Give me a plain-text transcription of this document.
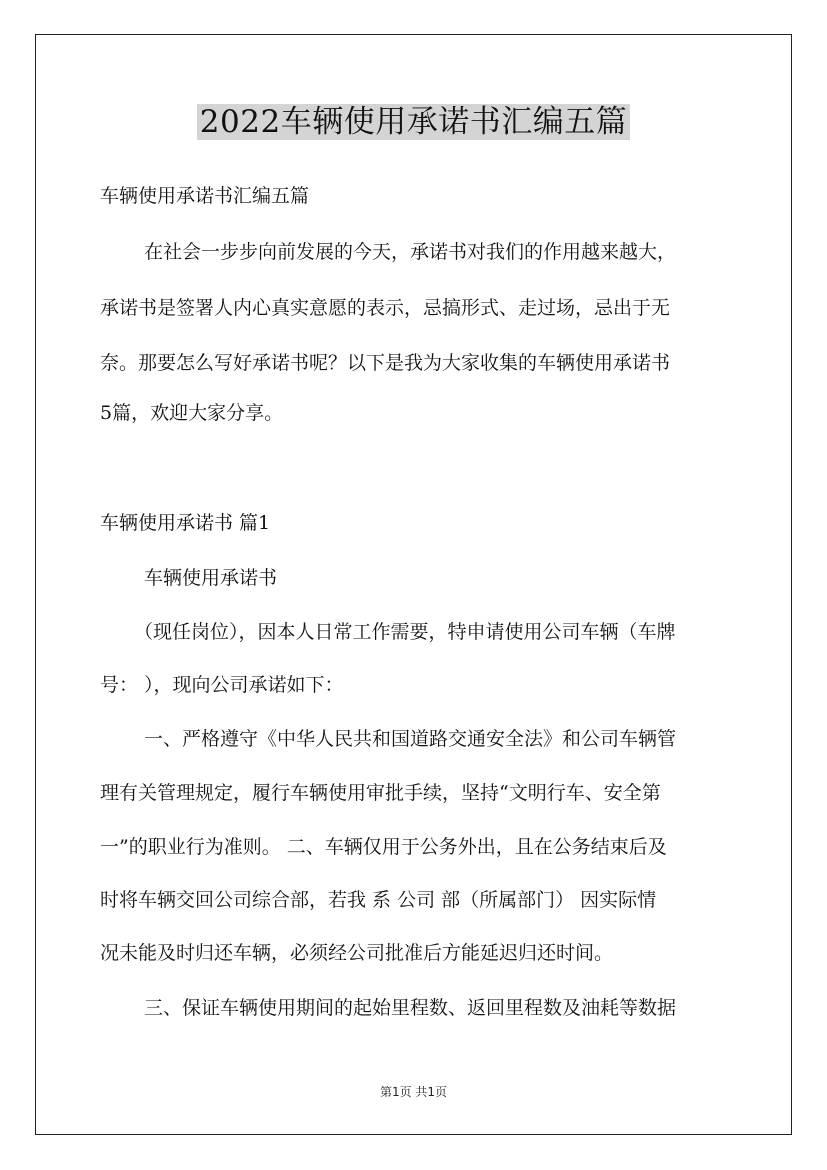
2022车辆使用承诺书汇编五篇

车辆使用承诺书汇编五篇

在社会一步步向前发展的今天，承诺书对我们的作用越来越大，

承诺书是签署人内心真实意愿的表示，忌搞形式、走过场，忌出于无

奈。那要怎么写好承诺书呢？以下是我为大家收集的车辆使用承诺书

5篇，欢迎大家分享。

车辆使用承诺书 篇1

车辆使用承诺书

（现任岗位），因本人日常工作需要，特申请使用公司车辆（车牌

号： ），现向公司承诺如下：

一、严格遵守《中华人民共和国道路交通安全法》和公司车辆管

理有关管理规定，履行车辆使用审批手续，坚持“文明行车、安全第

一”的职业行为准则。 二、车辆仅用于公务外出，且在公务结束后及

时将车辆交回公司综合部，若我 系 公司 部（所属部门） 因实际情

况未能及时归还车辆，必须经公司批准后方能延迟归还时间。

三、保证车辆使用期间的起始里程数、返回里程数及油耗等数据

第1页 共1页
